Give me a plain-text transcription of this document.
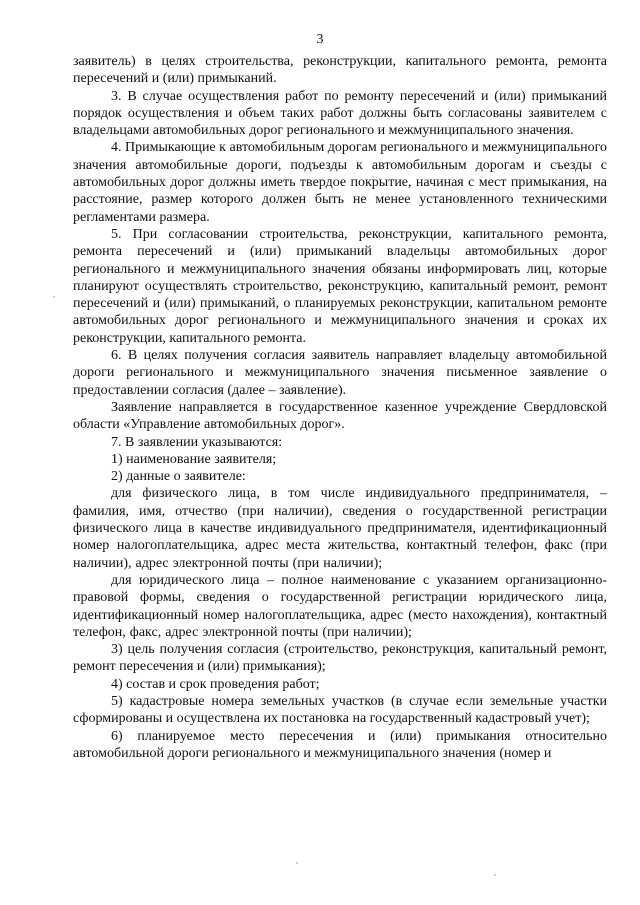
3

заявитель) в целях строительства, реконструкции, капитального ремонта, ремонта пересечений и (или) примыканий.

3. В случае осуществления работ по ремонту пересечений и (или) примыканий порядок осуществления и объем таких работ должны быть согласованы заявителем с владельцами автомобильных дорог регионального и межмуниципального значения.

4. Примыкающие к автомобильным дорогам регионального и межмуниципального значения автомобильные дороги, подъезды к автомобильным дорогам и съезды с автомобильных дорог должны иметь твердое покрытие, начиная с мест примыкания, на расстояние, размер которого должен быть не менее установленного техническими регламентами размера.

5. При согласовании строительства, реконструкции, капитального ремонта, ремонта пересечений и (или) примыканий владельцы автомобильных дорог регионального и межмуниципального значения обязаны информировать лиц, которые планируют осуществлять строительство, реконструкцию, капитальный ремонт, ремонт пересечений и (или) примыканий, о планируемых реконструкции, капитальном ремонте автомобильных дорог регионального и межмуниципального значения и сроках их реконструкции, капитального ремонта.

6. В целях получения согласия заявитель направляет владельцу автомобильной дороги регионального и межмуниципального значения письменное заявление о предоставлении согласия (далее – заявление).

Заявление направляется в государственное казенное учреждение Свердловской области «Управление автомобильных дорог».

7. В заявлении указываются:

1) наименование заявителя;

2) данные о заявителе:

для физического лица, в том числе индивидуального предпринимателя, – фамилия, имя, отчество (при наличии), сведения о государственной регистрации физического лица в качестве индивидуального предпринимателя, идентификационный номер налогоплательщика, адрес места жительства, контактный телефон, факс (при наличии), адрес электронной почты (при наличии);

для юридического лица – полное наименование с указанием организационно-правовой формы, сведения о государственной регистрации юридического лица, идентификационный номер налогоплательщика, адрес (место нахождения), контактный телефон, факс, адрес электронной почты (при наличии);

3) цель получения согласия (строительство, реконструкция, капитальный ремонт, ремонт пересечения и (или) примыкания);

4) состав и срок проведения работ;

5) кадастровые номера земельных участков (в случае если земельные участки сформированы и осуществлена их постановка на государственный кадастровый учет);

6) планируемое место пересечения и (или) примыкания относительно автомобильной дороги регионального и межмуниципального значения (номер и
